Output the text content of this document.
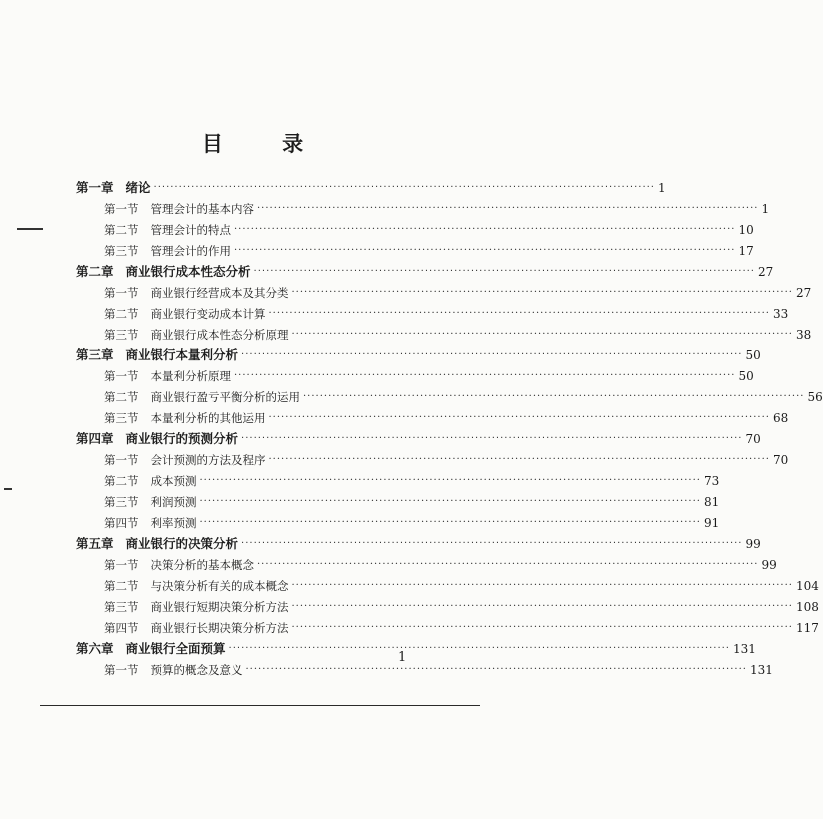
目 录
第一章 绪论 ························································································································ 1
第一节 管理会计的基本内容 ························································································································ 1
第二节 管理会计的特点 ························································································································ 10
第三节 管理会计的作用 ························································································································ 17
第二章 商业银行成本性态分析 ························································································································ 27
第一节 商业银行经营成本及其分类 ························································································································ 27
第二节 商业银行变动成本计算 ························································································································ 33
第三节 商业银行成本性态分析原理 ························································································································ 38
第三章 商业银行本量利分析 ························································································································ 50
第一节 本量利分析原理 ························································································································ 50
第二节 商业银行盈亏平衡分析的运用 ························································································································ 56
第三节 本量利分析的其他运用 ························································································································ 68
第四章 商业银行的预测分析 ························································································································ 70
第一节 会计预测的方法及程序 ························································································································ 70
第二节 成本预测 ························································································································ 73
第三节 利润预测 ························································································································ 81
第四节 利率预测 ························································································································ 91
第五章 商业银行的决策分析 ························································································································ 99
第一节 决策分析的基本概念 ························································································································ 99
第二节 与决策分析有关的成本概念 ························································································································ 104
第三节 商业银行短期决策分析方法 ························································································································ 108
第四节 商业银行长期决策分析方法 ························································································································ 117
第六章 商业银行全面预算 ························································································································ 131
第一节 预算的概念及意义 ························································································································ 131
1
